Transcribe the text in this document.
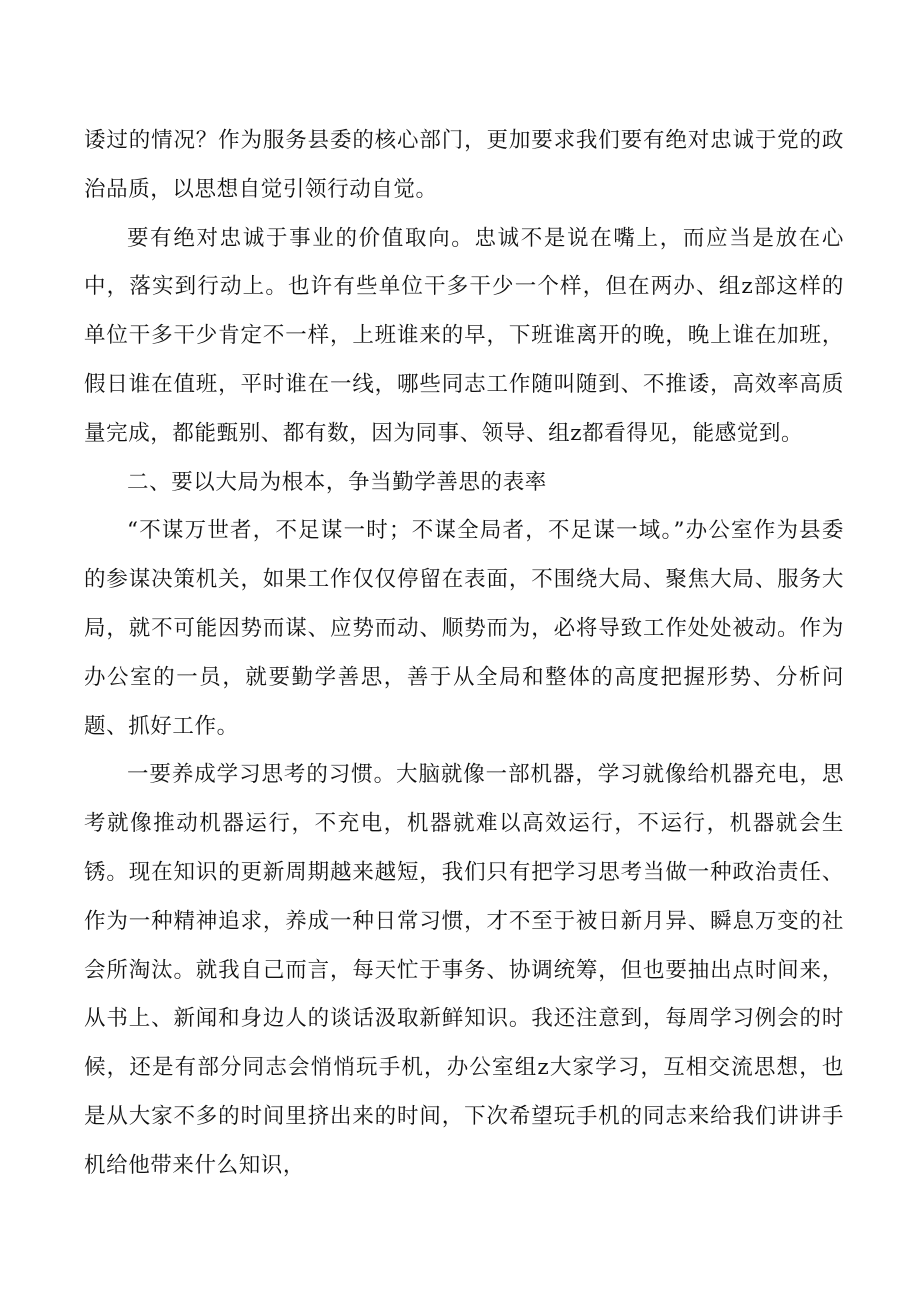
诿过的情况？作为服务县委的核心部门，更加要求我们要有绝对忠诚于党的政治品质，以思想自觉引领行动自觉。

要有绝对忠诚于事业的价值取向。忠诚不是说在嘴上，而应当是放在心中，落实到行动上。也许有些单位干多干少一个样，但在两办、组z部这样的单位干多干少肯定不一样，上班谁来的早，下班谁离开的晚，晚上谁在加班，假日谁在值班，平时谁在一线，哪些同志工作随叫随到、不推诿，高效率高质量完成，都能甄别、都有数，因为同事、领导、组z都看得见，能感觉到。

二、要以大局为根本，争当勤学善思的表率

“不谋万世者，不足谋一时；不谋全局者，不足谋一域。”办公室作为县委的参谋决策机关，如果工作仅仅停留在表面，不围绕大局、聚焦大局、服务大局，就不可能因势而谋、应势而动、顺势而为，必将导致工作处处被动。作为办公室的一员，就要勤学善思，善于从全局和整体的高度把握形势、分析问题、抓好工作。

一要养成学习思考的习惯。大脑就像一部机器，学习就像给机器充电，思考就像推动机器运行，不充电，机器就难以高效运行，不运行，机器就会生锈。现在知识的更新周期越来越短，我们只有把学习思考当做一种政治责任、作为一种精神追求，养成一种日常习惯，才不至于被日新月异、瞬息万变的社会所淘汰。就我自己而言，每天忙于事务、协调统筹，但也要抽出点时间来，从书上、新闻和身边人的谈话汲取新鲜知识。我还注意到，每周学习例会的时候，还是有部分同志会悄悄玩手机，办公室组z大家学习，互相交流思想，也是从大家不多的时间里挤出来的时间，下次希望玩手机的同志来给我们讲讲手机给他带来什么知识，
